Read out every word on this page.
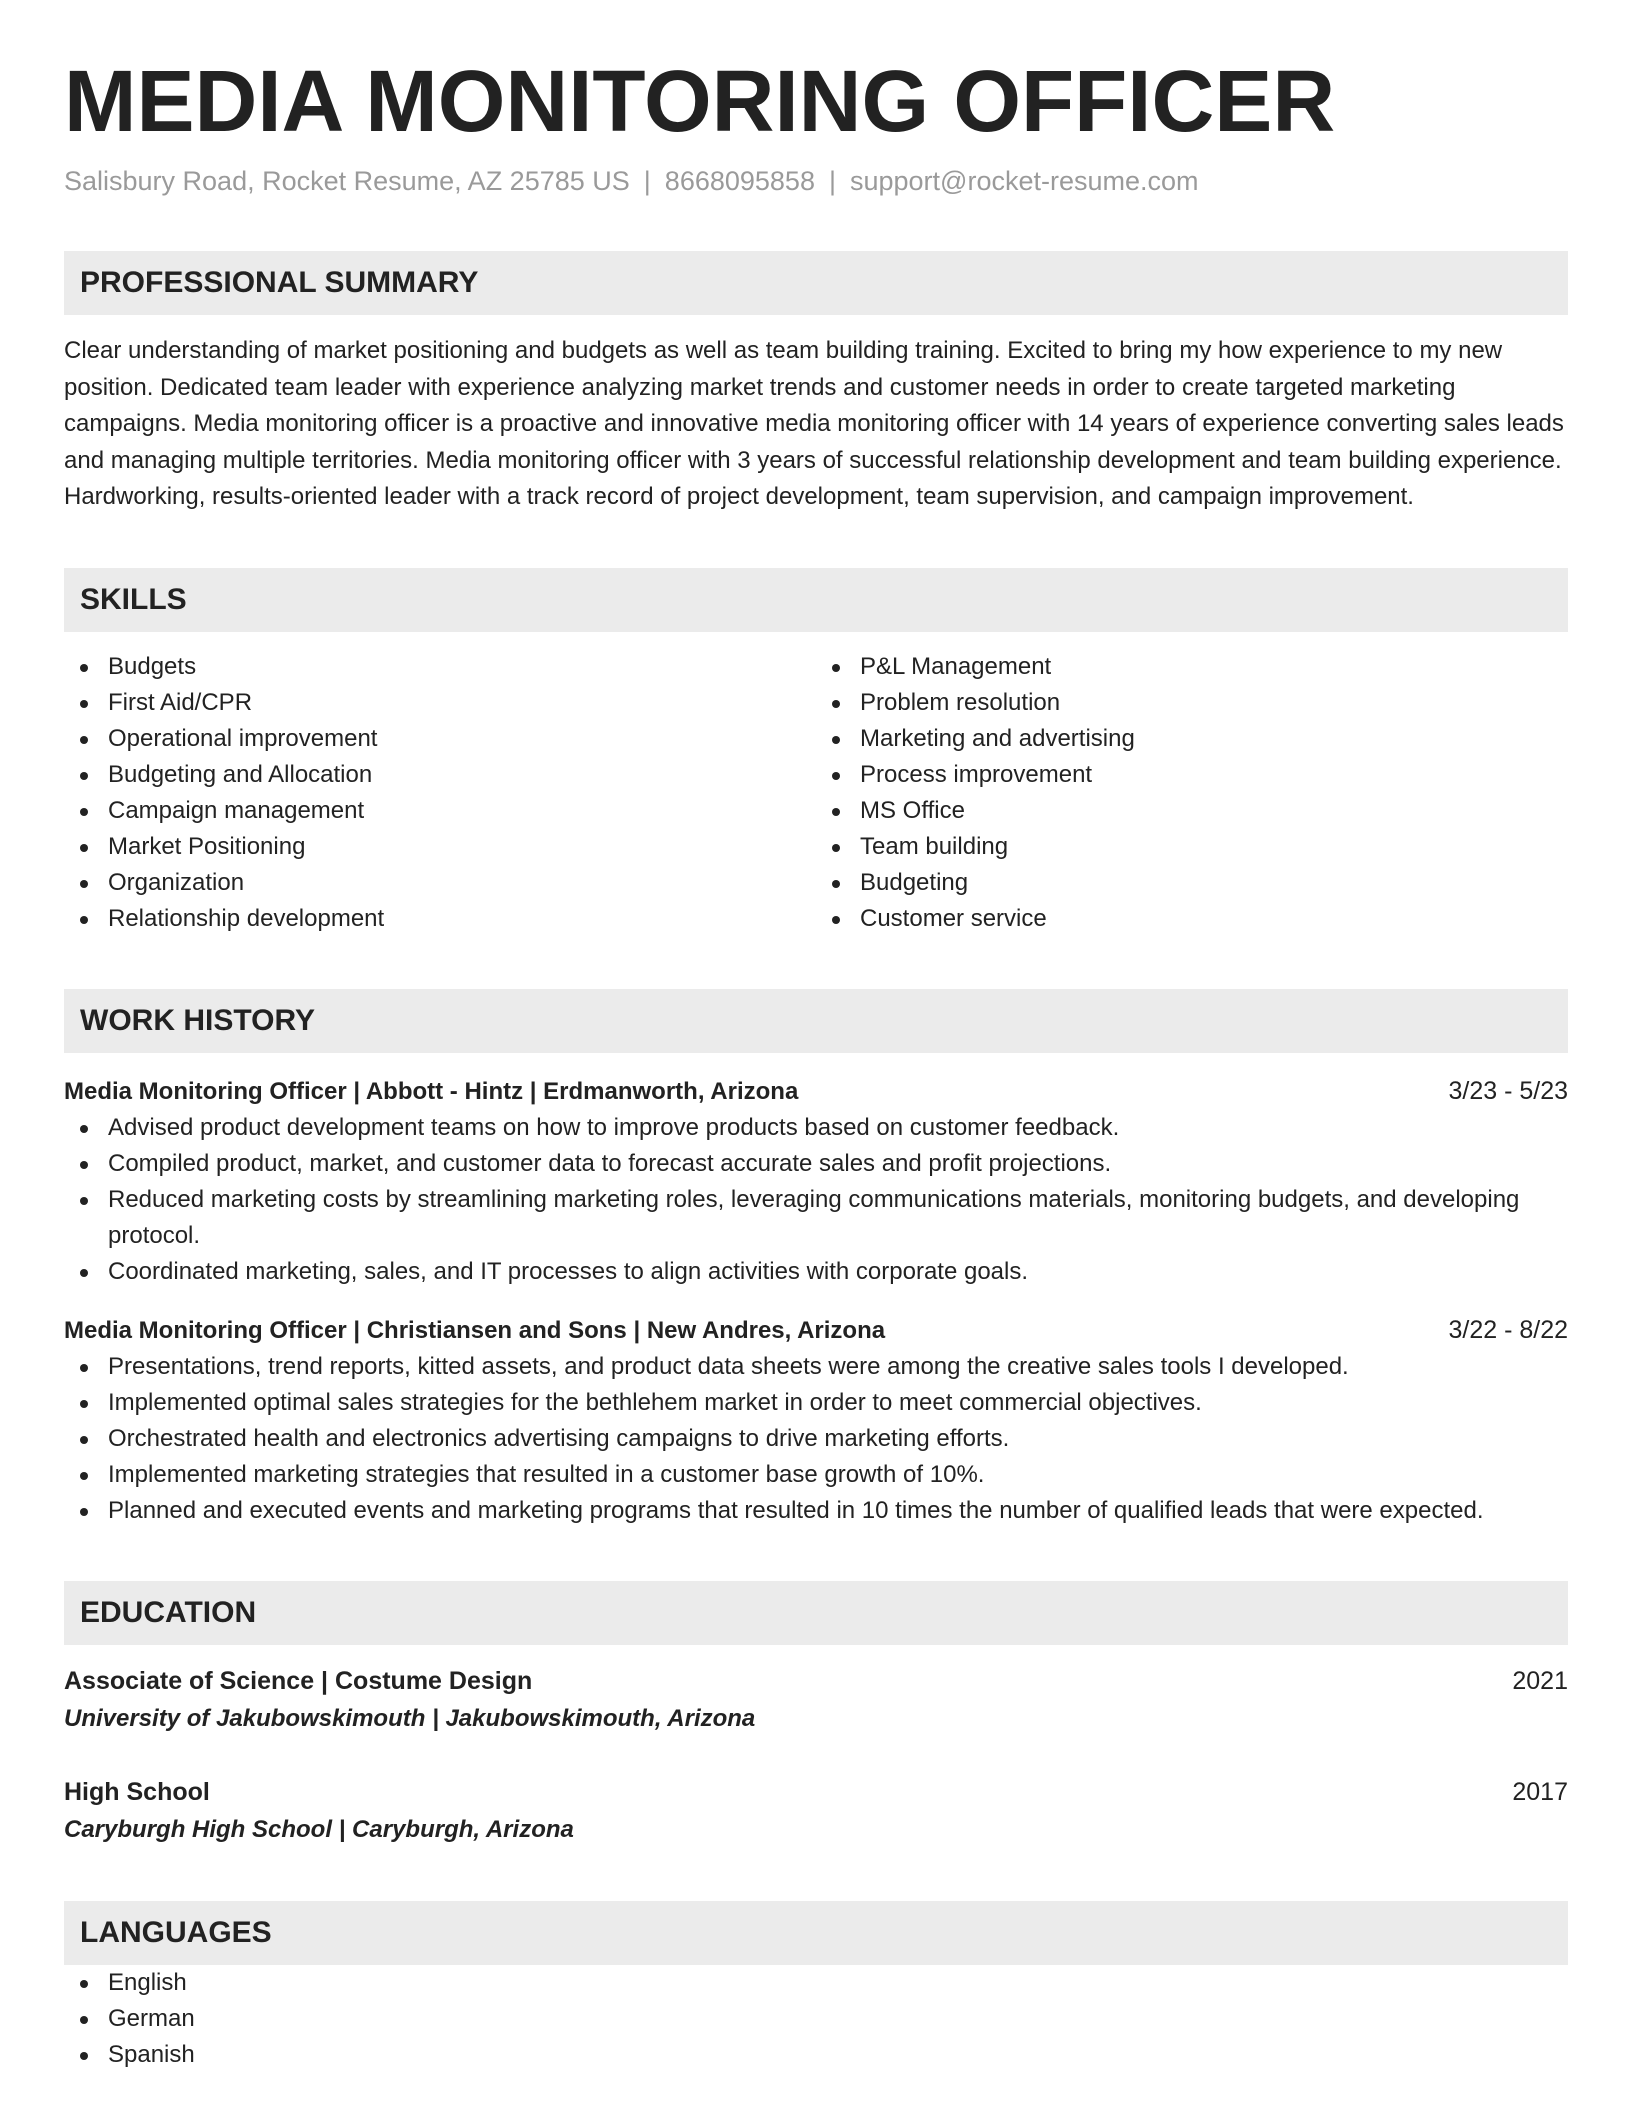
MEDIA MONITORING OFFICER
Salisbury Road, Rocket Resume, AZ 25785 US | 8668095858 | support@rocket-resume.com
PROFESSIONAL SUMMARY
Clear understanding of market positioning and budgets as well as team building training. Excited to bring my how experience to my new position. Dedicated team leader with experience analyzing market trends and customer needs in order to create targeted marketing campaigns. Media monitoring officer is a proactive and innovative media monitoring officer with 14 years of experience converting sales leads and managing multiple territories. Media monitoring officer with 3 years of successful relationship development and team building experience. Hardworking, results-oriented leader with a track record of project development, team supervision, and campaign improvement.
SKILLS
Budgets
First Aid/CPR
Operational improvement
Budgeting and Allocation
Campaign management
Market Positioning
Organization
Relationship development
P&L Management
Problem resolution
Marketing and advertising
Process improvement
MS Office
Team building
Budgeting
Customer service
WORK HISTORY
Media Monitoring Officer | Abbott - Hintz | Erdmanworth, Arizona	3/23 - 5/23
Advised product development teams on how to improve products based on customer feedback.
Compiled product, market, and customer data to forecast accurate sales and profit projections.
Reduced marketing costs by streamlining marketing roles, leveraging communications materials, monitoring budgets, and developing protocol.
Coordinated marketing, sales, and IT processes to align activities with corporate goals.
Media Monitoring Officer | Christiansen and Sons | New Andres, Arizona	3/22 - 8/22
Presentations, trend reports, kitted assets, and product data sheets were among the creative sales tools I developed.
Implemented optimal sales strategies for the bethlehem market in order to meet commercial objectives.
Orchestrated health and electronics advertising campaigns to drive marketing efforts.
Implemented marketing strategies that resulted in a customer base growth of 10%.
Planned and executed events and marketing programs that resulted in 10 times the number of qualified leads that were expected.
EDUCATION
Associate of Science | Costume Design	2021
University of Jakubowskimouth | Jakubowskimouth, Arizona
High School	2017
Caryburgh High School | Caryburgh, Arizona
LANGUAGES
English
German
Spanish
